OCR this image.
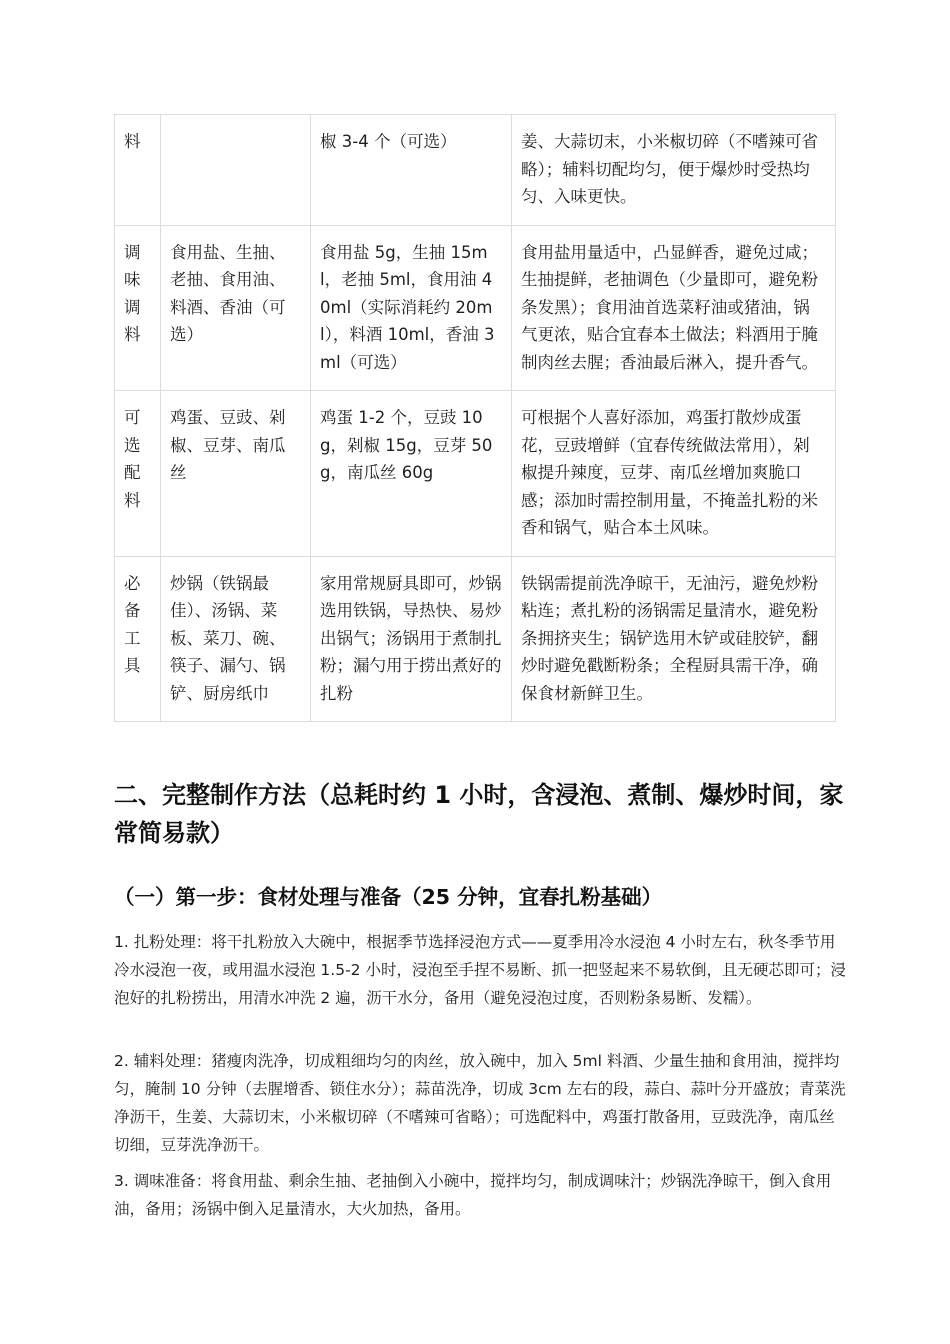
料		椒 3-4 个（可选）	姜、大蒜切末，小米椒切碎（不嗜辣可省略）；辅料切配均匀，便于爆炒时受热均匀、入味更快。
调味调料	食用盐、生抽、老抽、食用油、料酒、香油（可选）	食用盐 5g，生抽 15ml，老抽 5ml，食用油 40ml（实际消耗约 20ml），料酒 10ml，香油 3ml（可选）	食用盐用量适中，凸显鲜香，避免过咸；生抽提鲜，老抽调色（少量即可，避免粉条发黑）；食用油首选菜籽油或猪油，锅气更浓，贴合宜春本土做法；料酒用于腌制肉丝去腥；香油最后淋入，提升香气。
可选配料	鸡蛋、豆豉、剁椒、豆芽、南瓜丝	鸡蛋 1-2 个，豆豉 10g，剁椒 15g，豆芽 50g，南瓜丝 60g	可根据个人喜好添加，鸡蛋打散炒成蛋花，豆豉增鲜（宜春传统做法常用），剁椒提升辣度，豆芽、南瓜丝增加爽脆口感；添加时需控制用量，不掩盖扎粉的米香和锅气，贴合本土风味。
必备工具	炒锅（铁锅最佳）、汤锅、菜板、菜刀、碗、筷子、漏勺、锅铲、厨房纸巾	家用常规厨具即可，炒锅选用铁锅，导热快、易炒出锅气；汤锅用于煮制扎粉；漏勺用于捞出煮好的扎粉	铁锅需提前洗净晾干，无油污，避免炒粉粘连；煮扎粉的汤锅需足量清水，避免粉条拥挤夹生；锅铲选用木铲或硅胶铲，翻炒时避免戳断粉条；全程厨具需干净，确保食材新鲜卫生。
二、完整制作方法（总耗时约 1 小时，含浸泡、煮制、爆炒时间，家常简易款）
（一）第一步：食材处理与准备（25 分钟，宜春扎粉基础）

1. 扎粉处理：将干扎粉放入大碗中，根据季节选择浸泡方式——夏季用冷水浸泡 4 小时左右，秋冬季节用冷水浸泡一夜，或用温水浸泡 1.5-2 小时，浸泡至手捏不易断、抓一把竖起来不易软倒，且无硬芯即可；浸泡好的扎粉捞出，用清水冲洗 2 遍，沥干水分，备用（避免浸泡过度，否则粉条易断、发糯）。

2. 辅料处理：猪瘦肉洗净，切成粗细均匀的肉丝，放入碗中，加入 5ml 料酒、少量生抽和食用油，搅拌均匀，腌制 10 分钟（去腥增香、锁住水分）；蒜苗洗净，切成 3cm 左右的段，蒜白、蒜叶分开盛放；青菜洗净沥干，生姜、大蒜切末，小米椒切碎（不嗜辣可省略）；可选配料中，鸡蛋打散备用，豆豉洗净，南瓜丝切细，豆芽洗净沥干。

3. 调味准备：将食用盐、剩余生抽、老抽倒入小碗中，搅拌均匀，制成调味汁；炒锅洗净晾干，倒入食用油，备用；汤锅中倒入足量清水，大火加热，备用。
